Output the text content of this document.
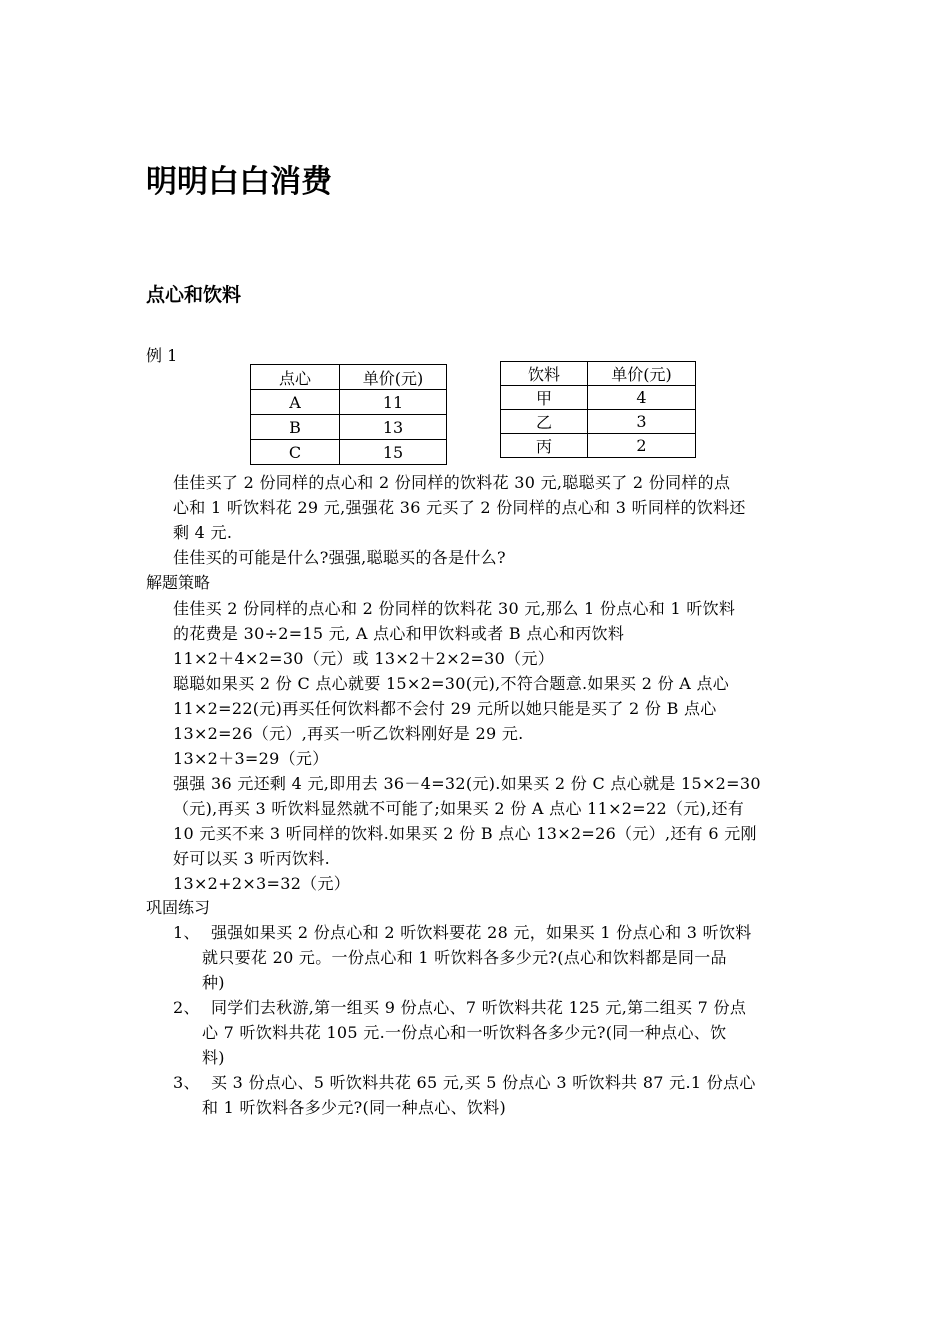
明明白白消费
点心和饮料
例 1
点心	单价(元)
A	11
B	13
C	15
饮料	单价(元)
甲	4
乙	3
丙	2
佳佳买了 2 份同样的点心和 2 份同样的饮料花 30 元,聪聪买了 2 份同样的点
心和 1 听饮料花 29 元,强强花 36 元买了 2 份同样的点心和 3 听同样的饮料还
剩 4 元.
佳佳买的可能是什么?强强,聪聪买的各是什么?
解题策略
佳佳买 2 份同样的点心和 2 份同样的饮料花 30 元,那么 1 份点心和 1 听饮料
的花费是 30÷2=15 元, A 点心和甲饮料或者 B 点心和丙饮料
11×2＋4×2=30（元）或 13×2＋2×2=30（元）
聪聪如果买 2 份 C 点心就要 15×2=30(元),不符合题意.如果买 2 份 A 点心
11×2=22(元)再买任何饮料都不会付 29 元所以她只能是买了 2 份 B 点心
13×2=26（元）,再买一听乙饮料刚好是 29 元.
13×2＋3=29（元）
强强 36 元还剩 4 元,即用去 36－4=32(元).如果买 2 份 C 点心就是 15×2=30
（元),再买 3 听饮料显然就不可能了;如果买 2 份 A 点心 11×2=22（元),还有
10 元买不来 3 听同样的饮料.如果买 2 份 B 点心 13×2=26（元）,还有 6 元刚
好可以买 3 听丙饮料.
13×2+2×3=32（元）
巩固练习
1、 强强如果买 2 份点心和 2 听饮料要花 28 元，如果买 1 份点心和 3 听饮料
就只要花 20 元。一份点心和 1 听饮料各多少元?(点心和饮料都是同一品
种)
2、 同学们去秋游,第一组买 9 份点心、7 听饮料共花 125 元,第二组买 7 份点
心 7 听饮料共花 105 元.一份点心和一听饮料各多少元?(同一种点心、饮
料)
3、 买 3 份点心、5 听饮料共花 65 元,买 5 份点心 3 听饮料共 87 元.1 份点心
和 1 听饮料各多少元?(同一种点心、饮料)
